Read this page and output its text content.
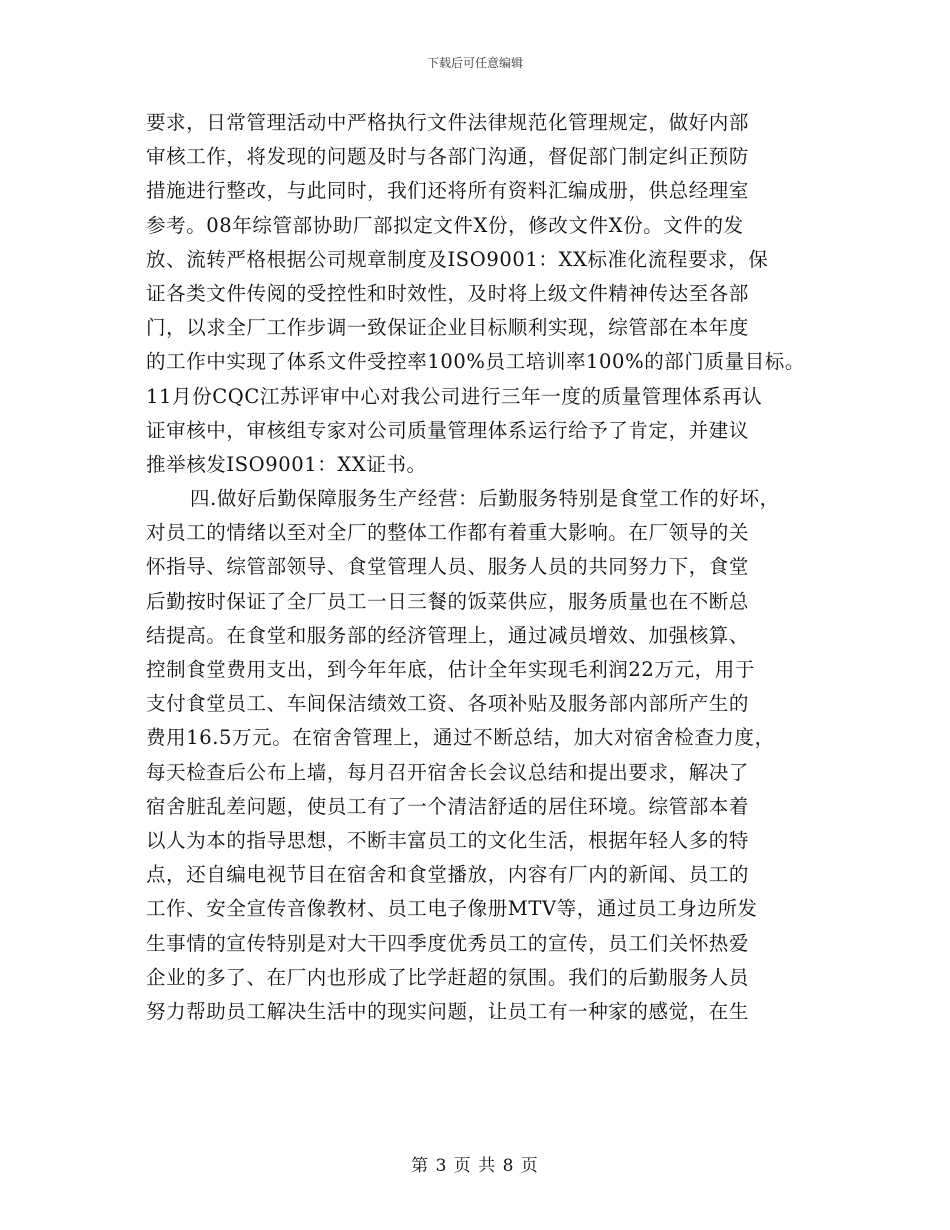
下载后可任意编辑
要求，日常管理活动中严格执行文件法律规范化管理规定，做好内部
审核工作，将发现的问题及时与各部门沟通，督促部门制定纠正预防
措施进行整改，与此同时，我们还将所有资料汇编成册，供总经理室
参考。08年综管部协助厂部拟定文件X份，修改文件X份。文件的发
放、流转严格根据公司规章制度及ISO9001：XX标准化流程要求，保
证各类文件传阅的受控性和时效性，及时将上级文件精神传达至各部
门，以求全厂工作步调一致保证企业目标顺利实现，综管部在本年度
的工作中实现了体系文件受控率100%员工培训率100%的部门质量目标。
11月份CQC江苏评审中心对我公司进行三年一度的质量管理体系再认
证审核中，审核组专家对公司质量管理体系运行给予了肯定，并建议
推举核发ISO9001：XX证书。
四.做好后勤保障服务生产经营：后勤服务特别是食堂工作的好坏，
对员工的情绪以至对全厂的整体工作都有着重大影响。在厂领导的关
怀指导、综管部领导、食堂管理人员、服务人员的共同努力下，食堂
后勤按时保证了全厂员工一日三餐的饭菜供应，服务质量也在不断总
结提高。在食堂和服务部的经济管理上，通过减员增效、加强核算、
控制食堂费用支出，到今年年底，估计全年实现毛利润22万元，用于
支付食堂员工、车间保洁绩效工资、各项补贴及服务部内部所产生的
费用16.5万元。在宿舍管理上，通过不断总结，加大对宿舍检查力度，
每天检查后公布上墙，每月召开宿舍长会议总结和提出要求，解决了
宿舍脏乱差问题，使员工有了一个清洁舒适的居住环境。综管部本着
以人为本的指导思想，不断丰富员工的文化生活，根据年轻人多的特
点，还自编电视节目在宿舍和食堂播放，内容有厂内的新闻、员工的
工作、安全宣传音像教材、员工电子像册MTV等，通过员工身边所发
生事情的宣传特别是对大干四季度优秀员工的宣传，员工们关怀热爱
企业的多了、在厂内也形成了比学赶超的氛围。我们的后勤服务人员
努力帮助员工解决生活中的现实问题，让员工有一种家的感觉，在生
第 3 页 共 8 页
